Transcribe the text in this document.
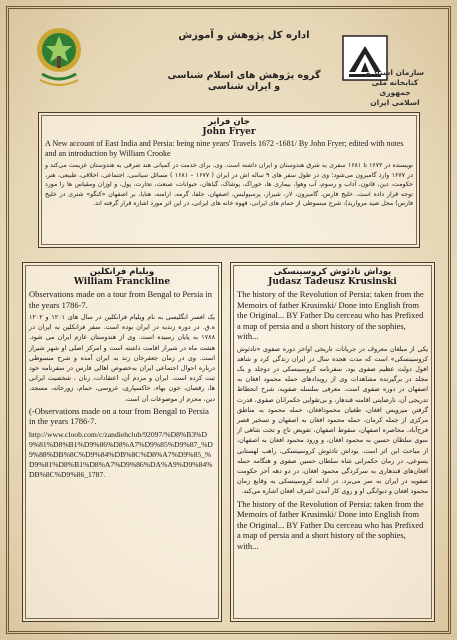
اداره کل پژوهش و آموزش
گروه پژوهش های اسلام شناسی و ایران شناسی
سازمان اسناد و کتابخانه ملی جمهوری اسلامی ایران
جان فرایر
John Fryer

A New account of East India and Persia: being nine years' Travels 1672 -1681/ By John Fryer; edited with notes and an introduction by William Crooke

نویسنده در ۱۶۷۲ تا ۱۶۸۱ سفری به شرق هندوستان و ایران داشته است. وی، برای خدمت در کمپانی هند شرقی به هندوستان عزیمت می‌کند و در ۱۶۷۷ وارد گامبرون می‌شود؛ وی در طول سفر های ۹ ساله اش در ایران ( ۱۶۷۷ – ۱۶۸۱ ) مسائل سیاسی، اجتماعی، اخلاقی، طبیعی، هنر، حکومت، دین، قانون، آداب و رسوم، آب وهوا، بیماری ها، خوراک، پوشاک، گیاهان، حیوانات، صنعت، تجارت، پول، و اوزان ومقیاس ها را مورد توجه قرار داده است. خلیج فارس، گامبرون، لار، شیراز، پرسپولیس، اصفهان، جلفا، گرمه، ارامنه، هنایا، بر اصفهان «کنگو» شتری در خلیج فارس) مجل صید مروارید)، شرح مبسوطی از حمام های ایرانی، قهوه خانه های ایرانی، در این اثر مورد اشاره قرار گرفته اند.

ویلیام فرانکلین
William Franckline

Observations made on a tour from Bengal to Persia in the years 1786-7.

یک افسر انگلیسی به نام ویلیام فرانکلین در سال های ۱۲۰۱ و ۱۲۰۲ ه.ق. در دوره زندیه در ایران بوده است. سفر فرانکلین به ایران در ۱۷۸۸ به پایان رسیده است. وی از هندوستان عازم ایران می شود. هشت ماه در شیراز اقامت داشته است و امرکز اصلی او شهر شیراز است. وی در زمان جعفرخان زند به ایران آمده و شرح مبسوطی درباره احوال اجتماعی ایران به‌خصوص اهالی فارس در سفرنامه خود ثبت کرده است. ایران و مردم آن، اعتقادات، زنان ، شخصیت ایرانی ها، رقصان، خون بهاء، خاکسپاری، عروسی، حمام، زورخانه، مسجد، دین، محرم از موضوعات آن است.

(-Observations made on a tour from Bengal to Persia in the years 1786-7.

http://www.cloob.com/c/zandiehclub/92097/%D8%B3%D9%81%D8%B1%D9%86%D8%A7%D9%85%D9%87_%D9%88%DB%8C%D9%84%DB%8C%D8%A7%D9%85_%D9%81%D8%B1%D8%A7%D9%86%DA%A9%D9%84%DB%8C%D9%86_1787.

یوداش تادئوش کروسینسکی
Judasz Tadeusz Krusinski

The history of the Revolution of Persia: taken from the Memoirs of father Krusinski/ Done into English from the Original... BY Father Du cerceau who has Prefixed a map of persia and a short history of the sophies, with...

یکی از مبلغان معروف در جریانات تاریخی اواخر دوره صفوی «تادئوش کروسینسکی» است که مدت هجده سال در ایران زندگی کرد و شاهد افول دولت عظیم صفوی بود. سفرنامه کروسینسکی در دوجلد و یک مجلد در برگیرنده مشاهدات وی از رویدادهای حمله محمود افغان به اصفهان در دوره صفوی است. معرفی سلسله صفویه، شرح انحطاط تدریجی آن، نارضایتی اقامنه قندهار، و بی‌تقوایی حکمرانان صفوی، قدرت گرفتن میرویس افغان، طغیان محمودافغان، حمله محمود به مناطق مرکزی از جمله کرمان، حمله محمود افغان به اصفهان و تسخیر قصر فرح‌آباد، محاصره اصفهان، سقوط اصفهان، تفویض تاج و تخت شاهی از سوی سلطان حسین به محمود افغان، و ورود محمود افغان به اصفهان، از مباحث این اثر است. یوداش تادئوش کروسینسکی، راهب لهستانی یسوعی، در زمان حکمرانی شاه سلطان حسین صفوی و هنگامه حمله افغان‌های قندهاری به سرکردگی محمود افغان، در دو دهه آخر حکومت صفویه در ایران به سر می‌برد. در ادامه کروسینسکی به وقایع زمان محمود افغان و دیوانگی او و روی کار آمدن اشرف افغان اشاره می‌کند.

The history of the Revolution of Persia: taken from the Memoirs of father Krusinski/ Done into English from the Original... BY Father Du cerceau who has Prefixed a map of persia and a short history of the sophies, with...
